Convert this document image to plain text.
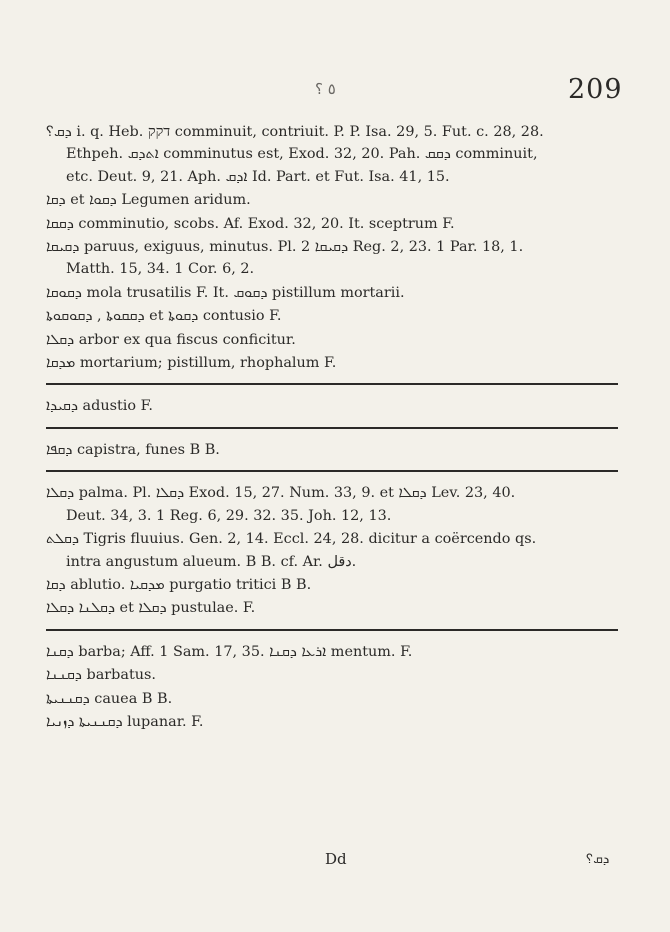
٥ ؟	209
ܕܩ؟ i. q. Heb. דקק comminuit, contriuit. P. P. Isa. 29, 5. Fut. c. 28, 28.
Ethpeh. ܐܬܕܩ comminutus est, Exod. 32, 20. Pah. ܕܩܩ comminuit,
etc. Deut. 9, 21. Aph. ܐܕܩ Id. Part. et Fut. Isa. 41, 15.
ܕܩܐ et ܕܩܘܐ Legumen aridum.
ܕܩܩܐ comminutio, scobs. Af. Exod. 32, 20. It. sceptrum F.
ܕܩܝܩܐ paruus, exiguus, minutus. Pl. ܕܩܝܩܐ 2 Reg. 2, 23. 1 Par. 18, 1.
Matth. 15, 34. 1 Cor. 6, 2.
ܕܩܘܩܐ mola trusatilis F. It. ܕܩܘܩ pistillum mortarii.
ܕܩܩܘܬܐ , ܕܩܘܩܘܬܐ et ܕܩܘܬܐ contusio F.
ܕܩܠܐ arbor ex qua fiscus conficitur.
ܡܕܩܐ mortarium; pistillum, rhophalum F.
ܕܩܝܕܐ adustio F.
ܕܩܦܐ capistra, funes B B.
ܕܩܠܐ palma. Pl. ܕܩܠܐ Exod. 15, 27. Num. 33, 9. et ܕܩܠܐ Lev. 23, 40.
Deut. 34, 3. 1 Reg. 6, 29. 32. 35. Joh. 12, 13.
ܕܩܠܬ Tigris fluuius. Gen. 2, 14. Eccl. 24, 28. dicitur a coërcendo qs.
intra angustum alueum. B B. cf. Ar. دقل.
ܕܩܐ ablutio. ܡܕܩܝܐ purgatio tritici B B.
ܕܩܠܢܐ ܕܩܠܐ et ܕܩܠܐ pustulae. F.
ܕܩܢܐ barba; Aff. 1 Sam. 17, 35. ܐܪܥܐ ܕܩܢܐ mentum. F.
ܕܩܢܢܐ barbatus.
ܕܩܢܢܝܬܐ cauea B B.
ܕܩܢܢܝܬܐ ܕܙܢܝܐ lupanar. F.
Dd	ܕܩ؟
